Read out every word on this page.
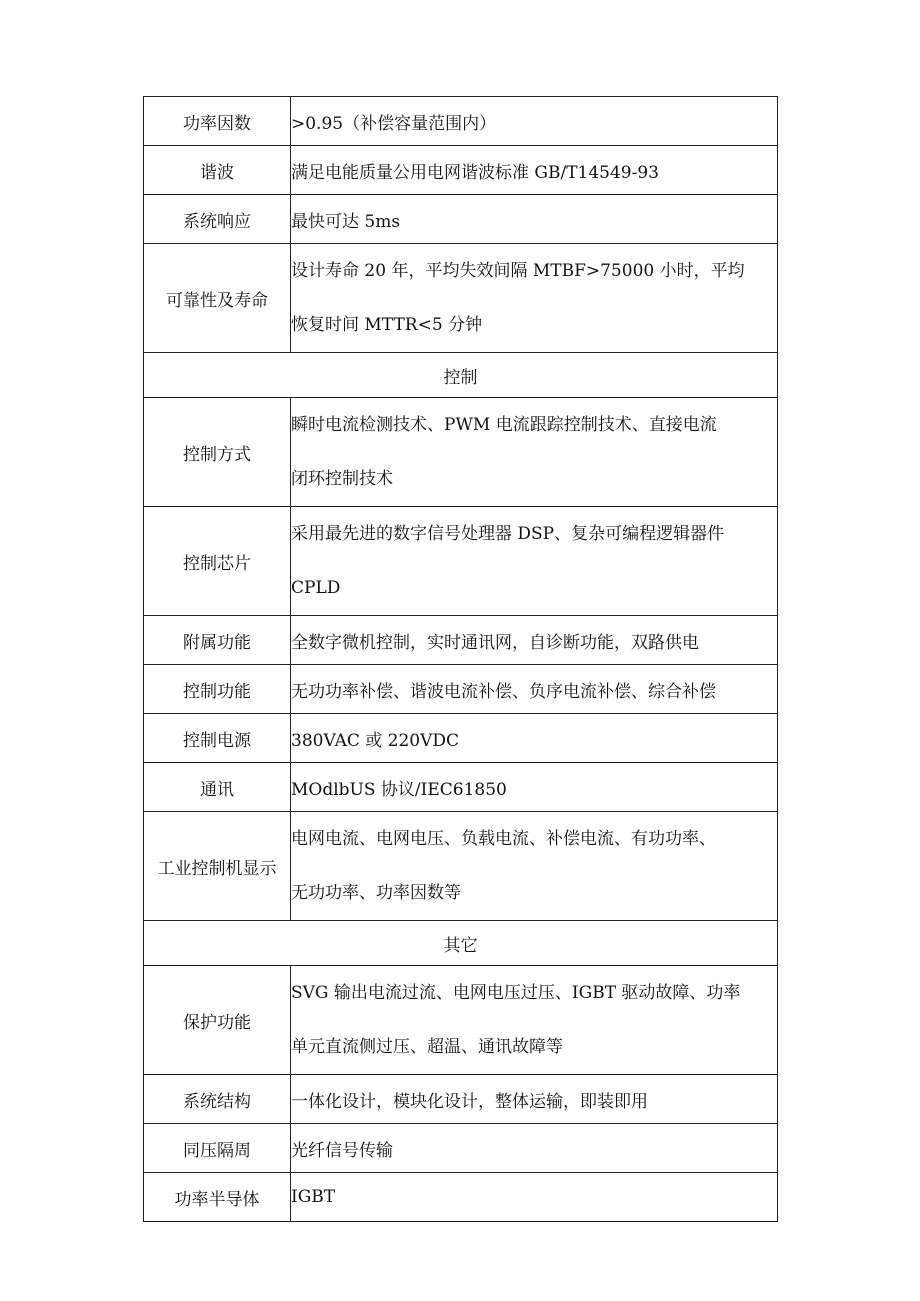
功率因数	>0.95（补偿容量范围内）
谐波	满足电能质量公用电网谐波标准 GB/T14549-93
系统响应	最快可达 5ms
可靠性及寿命	设计寿命 20 年，平均失效间隔 MTBF>75000 小时，平均
恢复时间 MTTR<5 分钟

控制	
控制方式	瞬时电流检测技术、PWM 电流跟踪控制技术、直接电流
闭环控制技术

控制芯片	采用最先进的数字信号处理器 DSP、复杂可编程逻辑器件
CPLD

附属功能	全数字微机控制，实时通讯网，自诊断功能，双路供电
控制功能	无功功率补偿、谐波电流补偿、负序电流补偿、综合补偿
控制电源	380VAC 或 220VDC
通讯	MOdlbUS 协议/IEC61850
工业控制机显示	电网电流、电网电压、负载电流、补偿电流、有功功率、
无功功率、功率因数等

其它	
保护功能	SVG 输出电流过流、电网电压过压、IGBT 驱动故障、功率
单元直流侧过压、超温、通讯故障等

系统结构	一体化设计，模块化设计，整体运输，即装即用
同压隔周	光纤信号传输
功率半导体	IGBT
